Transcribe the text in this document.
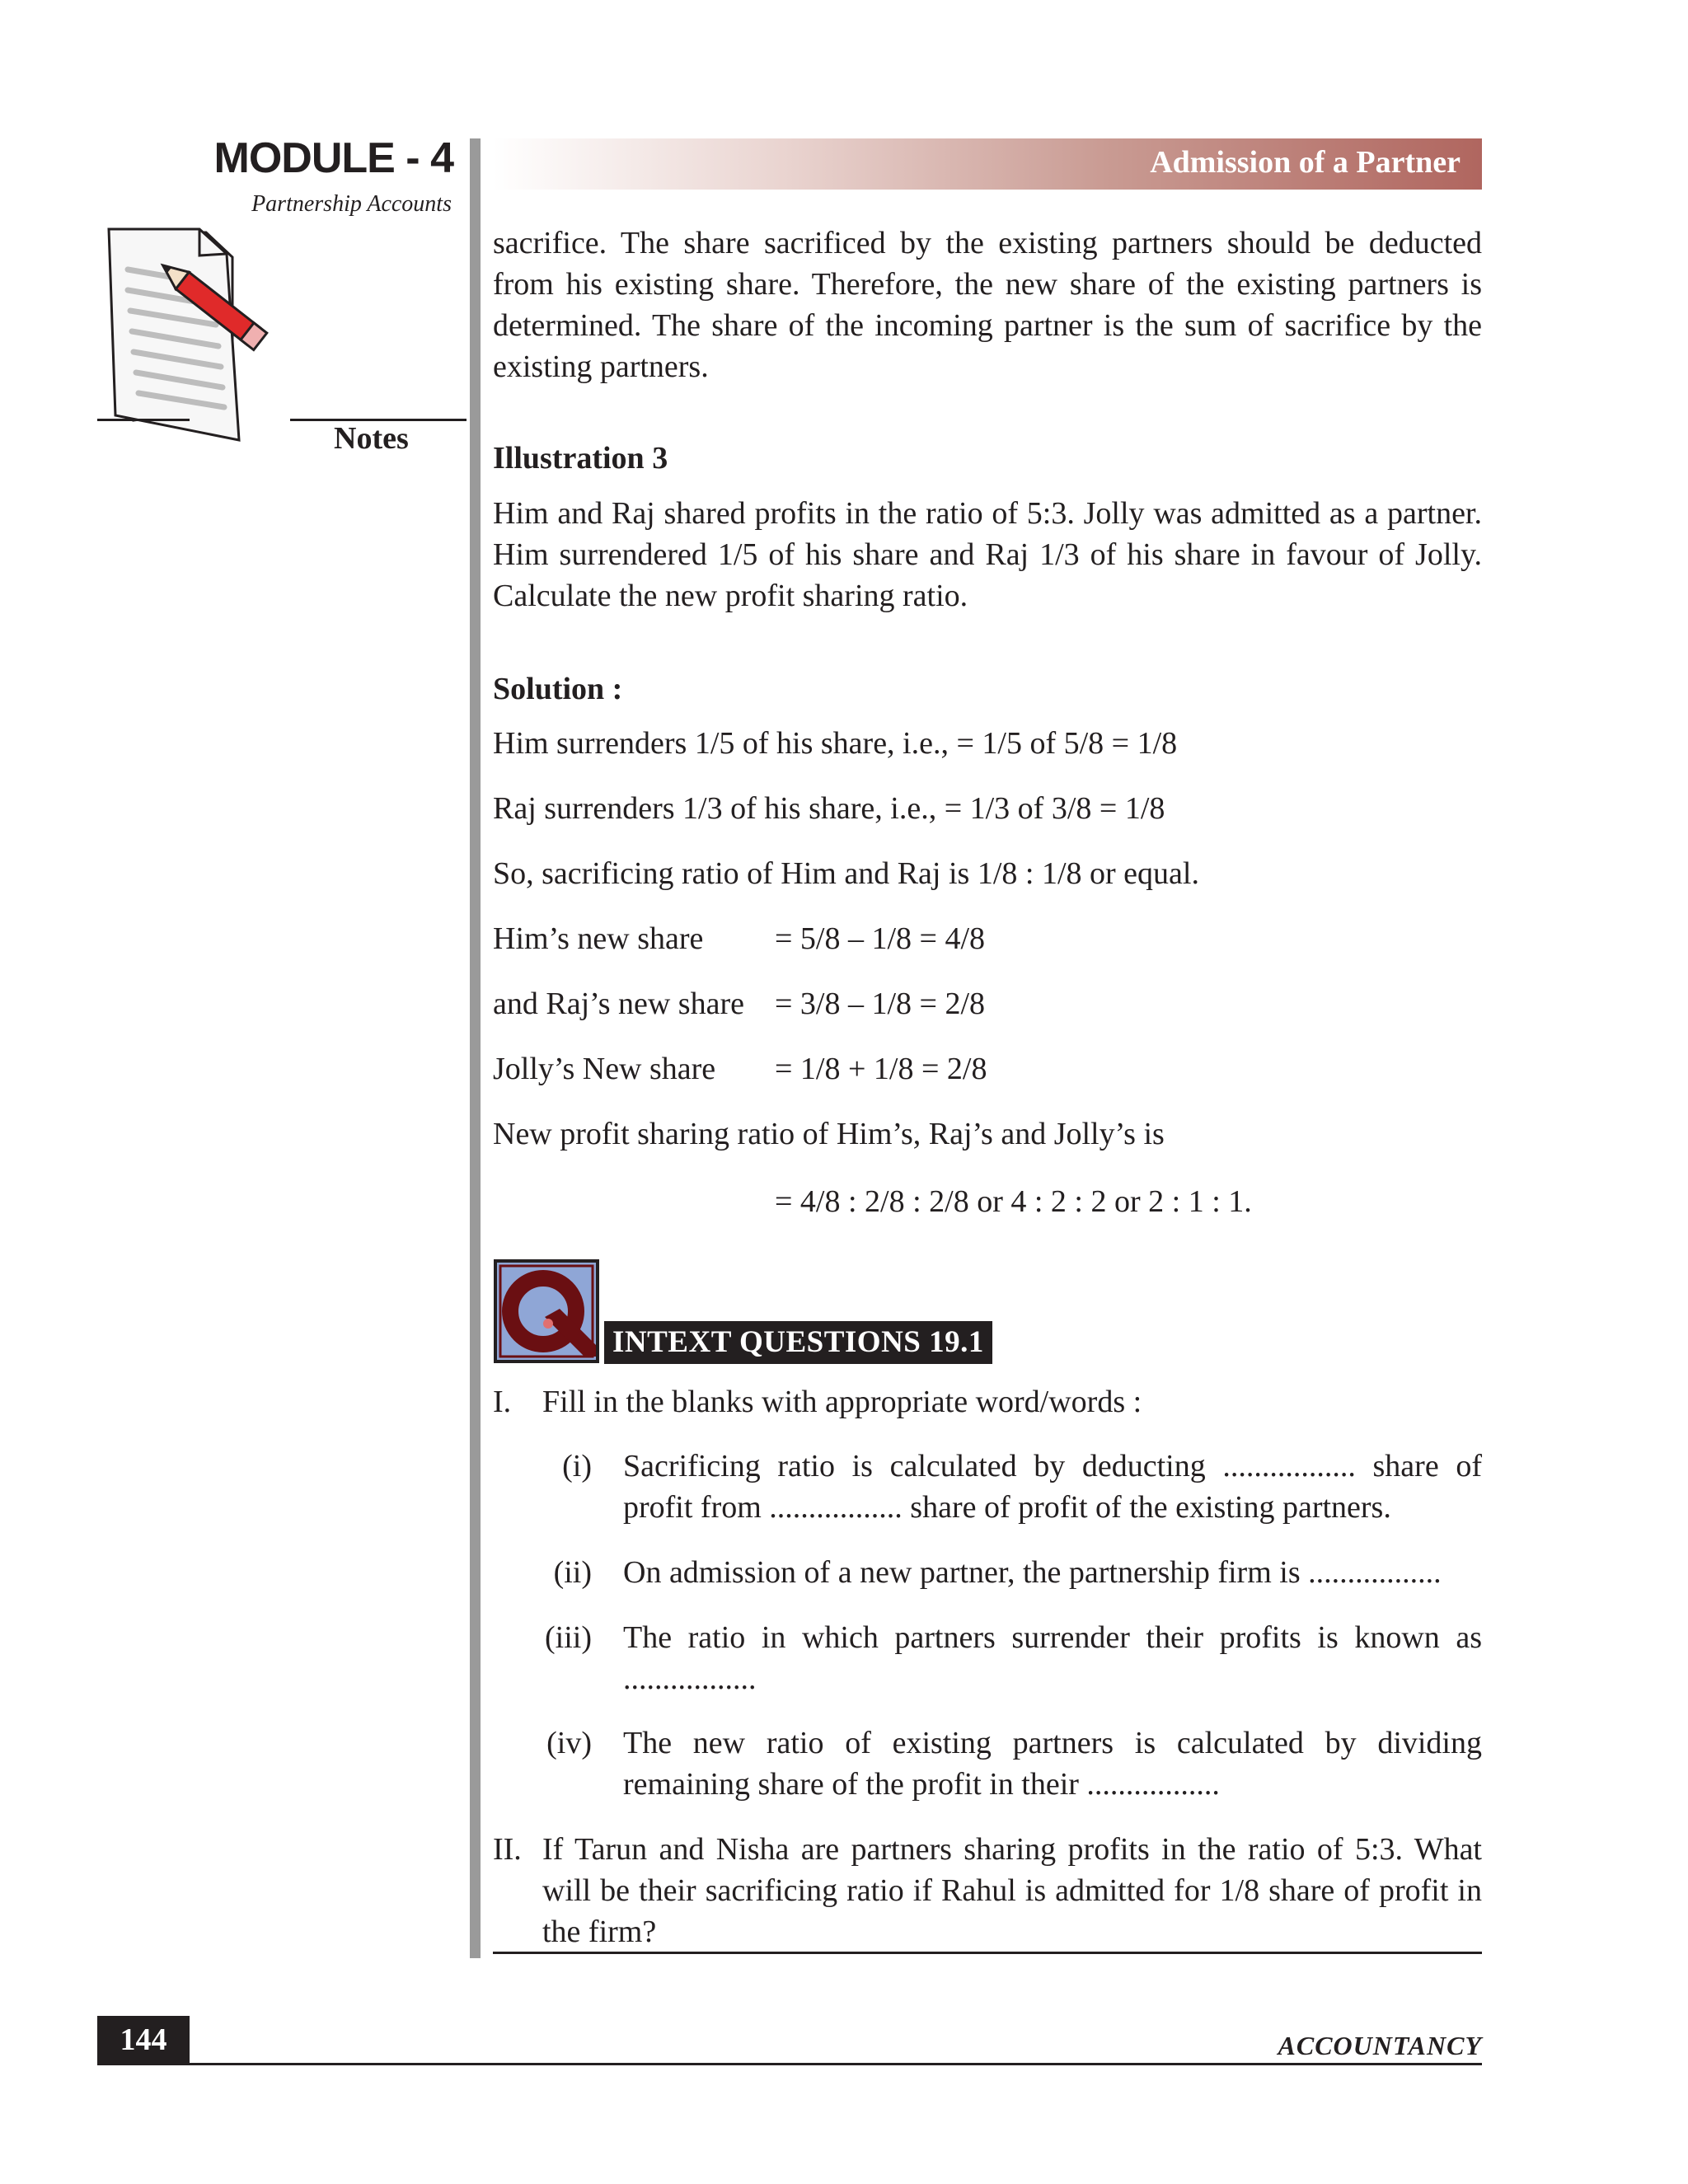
MODULE - 4
Partnership Accounts
Notes
Admission of a Partner
sacrifice. The share sacrificed by the existing partners should be deducted from his existing share. Therefore, the new share of the existing partners is determined. The share of the incoming partner is the sum of sacrifice by the existing partners.
Illustration 3
Him and Raj shared profits in the ratio of 5:3. Jolly was admitted as a partner. Him surrendered 1/5 of his share and Raj 1/3 of his share in favour of Jolly. Calculate the new profit sharing ratio.
Solution :
Him surrenders 1/5 of his share, i.e., = 1/5 of 5/8 = 1/8
Raj surrenders 1/3 of his share, i.e., = 1/3 of 3/8 = 1/8
So, sacrificing ratio of Him and Raj is 1/8 : 1/8 or equal.
Him’s new share = 5/8 – 1/8 = 4/8
and Raj’s new share = 3/8 – 1/8 = 2/8
Jolly’s New share = 1/8 + 1/8 = 2/8
New profit sharing ratio of Him’s, Raj’s and Jolly’s is
= 4/8 : 2/8 : 2/8 or 4 : 2 : 2 or 2 : 1 : 1.
INTEXT QUESTIONS 19.1
I. Fill in the blanks with appropriate word/words :
(i) Sacrificing ratio is calculated by deducting ................. share of profit from ................. share of profit of the existing partners.
(ii) On admission of a new partner, the partnership firm is .................
(iii) The ratio in which partners surrender their profits is known as .................
(iv) The new ratio of existing partners is calculated by dividing remaining share of the profit in their .................
II. If Tarun and Nisha are partners sharing profits in the ratio of 5:3. What will be their sacrificing ratio if Rahul is admitted for 1/8 share of profit in the firm?
144	ACCOUNTANCY
